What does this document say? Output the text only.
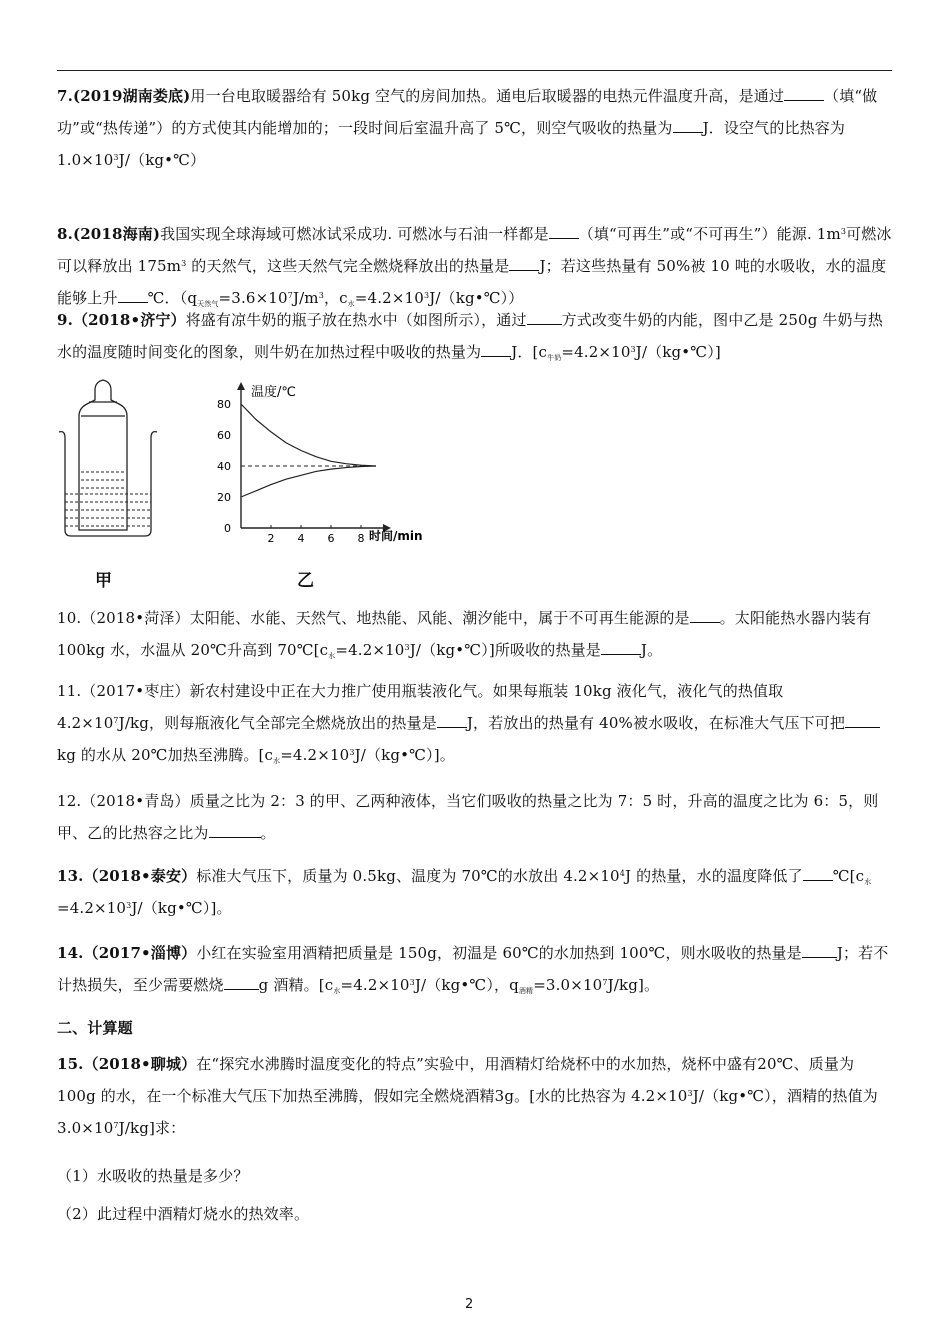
7.(2019湖南娄底)用一台电取暖器给有 50kg 空气的房间加热。通电后取暖器的电热元件温度升高，是通过	（填“做功”或“热传递”）的方式使其内能增加的；一段时间后室温升高了 5℃，则空气吸收的热量为 J．设空气的比热容为 $1.0\times 10^3J/(kg•℃)$
8.(2018海南)我国实现全球海域可燃冰试采成功. 可燃冰与石油一样都是 （填“可再生”或“不可再生”）能源. $1m^3$可燃冰可以释放出 $175m^3$ 的天然气，这些天然气完全燃烧释放出的热量是 J；若这些热量有 50%被 10 吨的水吸收，水的温度能够上升 ℃．（$q_{天然气}=3.6\times 10^7J/m^3$，$c_水=4.2\times 10^3J/(kg•℃)$）
9.（2018•济宁）将盛有凉牛奶的瓶子放在热水中（如图所示），通过 方式改变牛奶的内能，图中乙是 250g 牛奶与热水的温度随时间变化的图象，则牛奶在加热过程中吸收的热量为 J．$[c_{牛奶}=4.2\times 10^3J/(kg•℃)]$
甲
温度/℃
时间/min
0
20
40
60
80
2 4 6 8
乙
10.（2018•菏泽）太阳能、水能、天然气、地热能、风能、潮汐能中，属于不可再生能源的是 。太阳能热水器内装有 100kg 水，水温从 20℃升高到 $70℃[c_水=4.2\times 10^3J/(kg•℃)]$所吸收的热量是	J。
11.（2017•枣庄）新农村建设中正在大力推广使用瓶装液化气。如果每瓶装 10kg 液化气，液化气的热值取 $4.2\times 10^7J/kg$，则每瓶液化气全部完全燃烧放出的热量是 J，若放出的热量有 40%被水吸收，在标准大气压下可把kg 的水从 20℃加热至沸腾。$[c_水=4.2\times 10^3J/(kg•℃)]$。
12.（2018•青岛）质量之比为 2：3 的甲、乙两种液体，当它们吸收的热量之比为 7：5 时，升高的温度之比为 6：5，则甲、乙的比热容之比为	。
13.（2018•泰安）标准大气压下，质量为 0.5kg、温度为 70℃的水放出 $4.2\times 10^4J$ 的热量，水的温度降低了 $℃[c_水=4.2\times 10^3J/(kg•℃)]$。
14.（2017•淄博）小红在实验室用酒精把质量是 150g，初温是 60℃的水加热到 100℃，则水吸收的热量是 J；若不计热损失，至少需要燃烧 g 酒精。[$c_水=4.2\times 10^3J/(kg•℃)$，$q_{酒精}=3.0\times 10^7J/kg$]。
二、计算题
15.（2018•聊城）在“探究水沸腾时温度变化的特点”实验中，用酒精灯给烧杯中的水加热，烧杯中盛有20℃、质量为 100g 的水，在一个标准大气压下加热至沸腾，假如完全燃烧酒精3g。[水的比热容为 $4.2\times 10^3J/(kg•℃)$，酒精的热值为 $3.0\times 10^7J/kg$]求：
（1）水吸收的热量是多少？
（2）此过程中酒精灯烧水的热效率。
2
